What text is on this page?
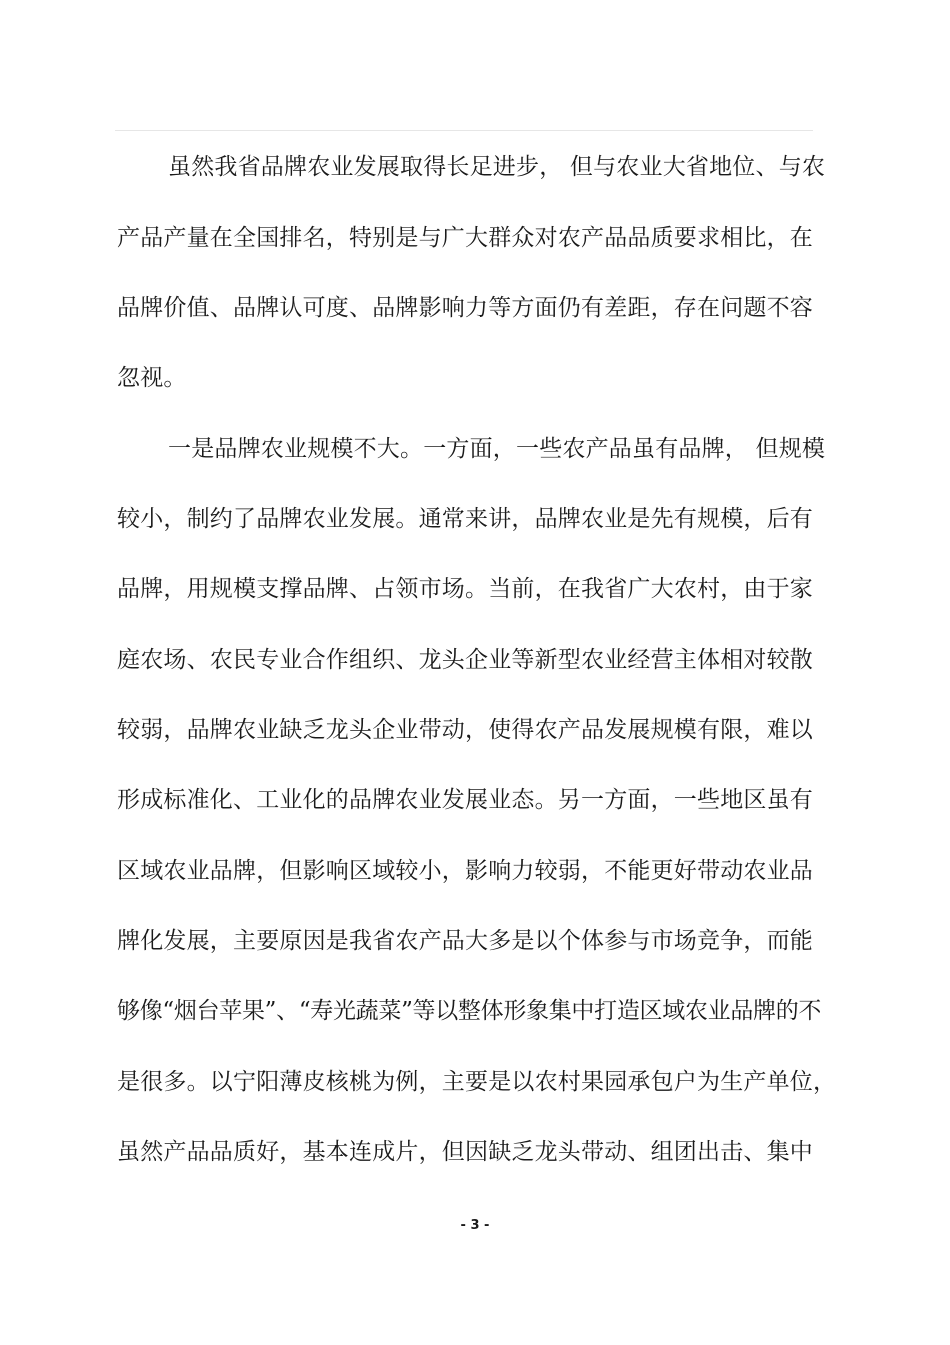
虽然我省品牌农业发展取得长足进步， 但与农业大省地位、与农
产品产量在全国排名，特别是与广大群众对农产品品质要求相比，在
品牌价值、品牌认可度、品牌影响力等方面仍有差距，存在问题不容
忽视。
一是品牌农业规模不大。一方面，一些农产品虽有品牌， 但规模
较小，制约了品牌农业发展。通常来讲，品牌农业是先有规模，后有
品牌，用规模支撑品牌、占领市场。当前，在我省广大农村，由于家
庭农场、农民专业合作组织、龙头企业等新型农业经营主体相对较散
较弱，品牌农业缺乏龙头企业带动，使得农产品发展规模有限，难以
形成标准化、工业化的品牌农业发展业态。另一方面，一些地区虽有
区域农业品牌，但影响区域较小，影响力较弱，不能更好带动农业品
牌化发展，主要原因是我省农产品大多是以个体参与市场竞争，而能
够像“烟台苹果”、“寿光蔬菜”等以整体形象集中打造区域农业品牌的不
是很多。以宁阳薄皮核桃为例，主要是以农村果园承包户为生产单位，
虽然产品品质好，基本连成片，但因缺乏龙头带动、组团出击、集中
- 3 -
